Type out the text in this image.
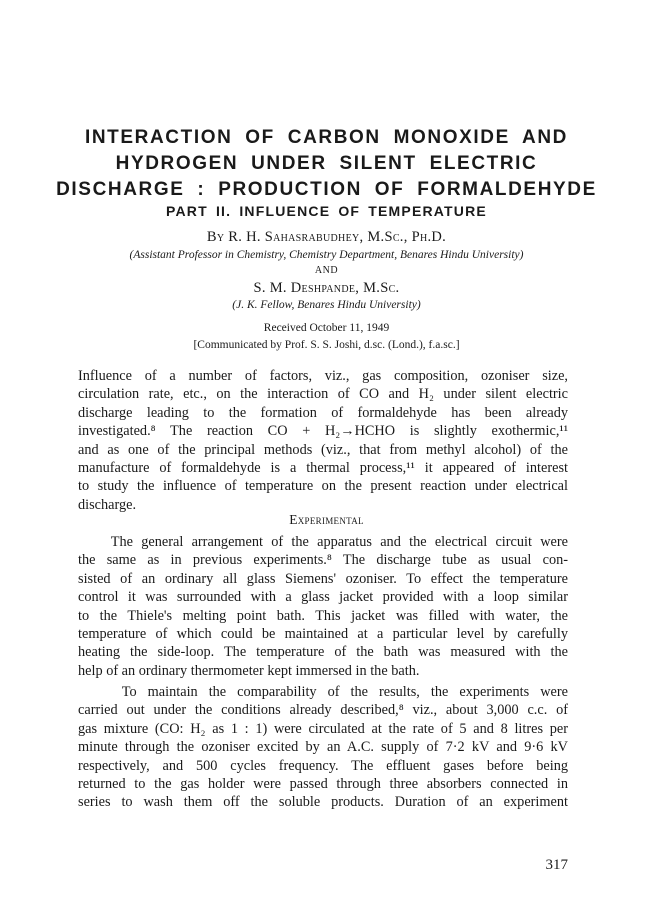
INTERACTION OF CARBON MONOXIDE AND
HYDROGEN UNDER SILENT ELECTRIC
DISCHARGE : PRODUCTION OF FORMALDEHYDE
PART II. INFLUENCE OF TEMPERATURE
By R. H. Sahasrabudhey, M.Sc., Ph.D.
(Assistant Professor in Chemistry, Chemistry Department, Benares Hindu University)
AND
S. M. Deshpande, M.Sc.
(J. K. Fellow, Benares Hindu University)
Received October 11, 1949
[Communicated by Prof. S. S. Joshi, d.sc. (Lond.), f.a.sc.]
Influence of a number of factors, viz., gas composition, ozoniser size,
circulation rate, etc., on the interaction of CO and H₂ under silent electric
discharge leading to the formation of formaldehyde has been already
investigated.⁸ The reaction CO + H₂→HCHO is slightly exothermic,¹¹
and as one of the principal methods (viz., that from methyl alcohol) of the
manufacture of formaldehyde is a thermal process,¹¹ it appeared of interest
to study the influence of temperature on the present reaction under electrical
discharge.
Experimental
The general arrangement of the apparatus and the electrical circuit were
the same as in previous experiments.⁸ The discharge tube as usual con-
sisted of an ordinary all glass Siemens' ozoniser. To effect the temperature
control it was surrounded with a glass jacket provided with a loop similar
to the Thiele's melting point bath. This jacket was filled with water, the
temperature of which could be maintained at a particular level by carefully
heating the side-loop. The temperature of the bath was measured with the
help of an ordinary thermometer kept immersed in the bath.
To maintain the comparability of the results, the experiments were
carried out under the conditions already described,⁸ viz., about 3,000 c.c. of
gas mixture (CO: H₂ as 1 : 1) were circulated at the rate of 5 and 8 litres per
minute through the ozoniser excited by an A.C. supply of 7·2 kV and 9·6 kV
respectively, and 500 cycles frequency. The effluent gases before being
returned to the gas holder were passed through three absorbers connected in
series to wash them off the soluble products. Duration of an experiment
317
